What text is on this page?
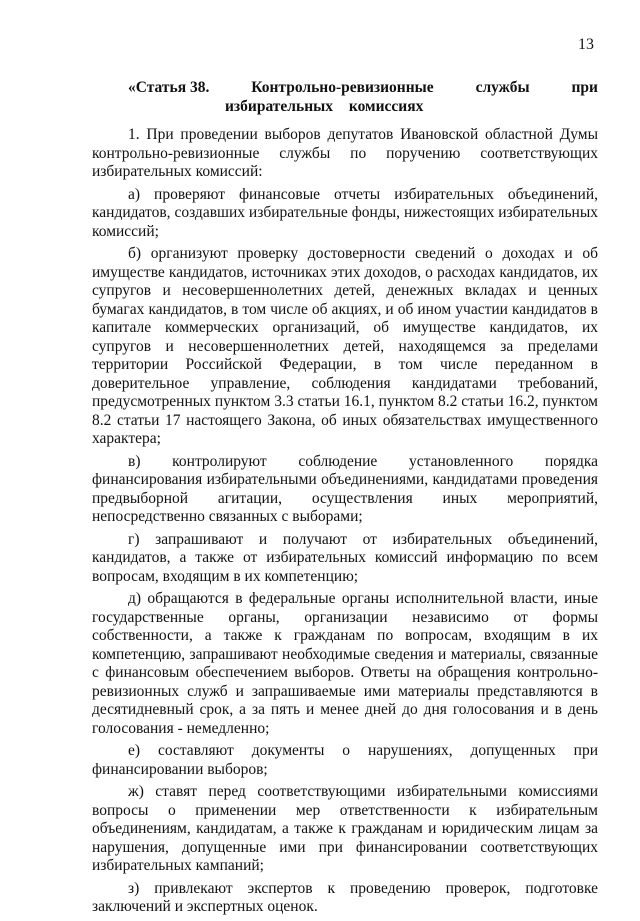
13
«Статья 38.	Контрольно-ревизионные	службы	при
избирательных комиссиях

1. При проведении выборов депутатов Ивановской областной Думы контрольно-ревизионные службы по поручению соответствующих избирательных комиссий:

а) проверяют финансовые отчеты избирательных объединений, кандидатов, создавших избирательные фонды, нижестоящих избирательных комиссий;

б) организуют проверку достоверности сведений о доходах и об имуществе кандидатов, источниках этих доходов, о расходах кандидатов, их супругов и несовершеннолетних детей, денежных вкладах и ценных бумагах кандидатов, в том числе об акциях, и об ином участии кандидатов в капитале коммерческих организаций, об имуществе кандидатов, их супругов и несовершеннолетних детей, находящемся за пределами территории Российской Федерации, в том числе переданном в доверительное управление, соблюдения кандидатами требований, предусмотренных пунктом 3.3 статьи 16.1, пунктом 8.2 статьи 16.2, пунктом 8.2 статьи 17 настоящего Закона, об иных обязательствах имущественного характера;

в) контролируют соблюдение установленного порядка финансирования избирательными объединениями, кандидатами проведения предвыборной агитации, осуществления иных мероприятий, непосредственно связанных с выборами;

г) запрашивают и получают от избирательных объединений, кандидатов, а также от избирательных комиссий информацию по всем вопросам, входящим в их компетенцию;

д) обращаются в федеральные органы исполнительной власти, иные государственные органы, организации независимо от формы собственности, а также к гражданам по вопросам, входящим в их компетенцию, запрашивают необходимые сведения и материалы, связанные с финансовым обеспечением выборов. Ответы на обращения контрольно-ревизионных служб и запрашиваемые ими материалы представляются в десятидневный срок, а за пять и менее дней до дня голосования и в день голосования - немедленно;

е) составляют документы о нарушениях, допущенных при финансировании выборов;

ж) ставят перед соответствующими избирательными комиссиями вопросы о применении мер ответственности к избирательным объединениям, кандидатам, а также к гражданам и юридическим лицам за нарушения, допущенные ими при финансировании соответствующих избирательных кампаний;

з) привлекают экспертов к проведению проверок, подготовке заключений и экспертных оценок.
